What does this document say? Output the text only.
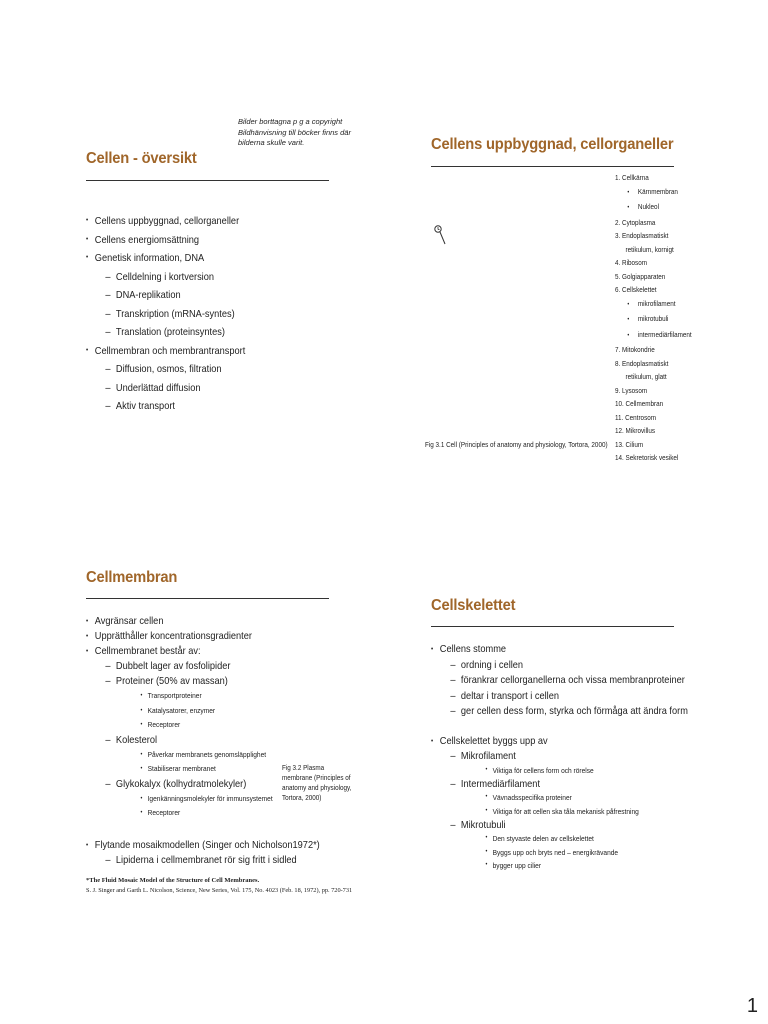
Bilder borttagna p g a copyright Bildhänvisning till böcker finns där bilderna skulle varit.
Cellen - översikt
• Cellens uppbyggnad, cellorganeller
• Cellens energiomsättning
• Genetisk information, DNA
– Celldelning i kortversion
– DNA-replikation
– Transkription (mRNA-syntes)
– Translation (proteinsyntes)
• Cellmembran och membrantransport
– Diffusion, osmos, filtration
– Underlättad diffusion
– Aktiv transport
Cellens uppbyggnad, cellorganeller
Fig 3.1 Cell (Principles of anatomy and physiology, Tortora, 2000)
1. Cellkärna
• Kärnmembran
• Nukleol
2. Cytoplasma
3. Endoplasmatiskt
retikulum, kornigt
4. Ribosom
5. Golgiapparaten
6. Cellskelettet
• mikrofilament
• mikrotubuli
• intermediärfilament
7. Mitokondrie
8. Endoplasmatiskt
retikulum, glatt
9. Lysosom
10. Cellmembran
11. Centrosom
12. Mikrovillus
13. Cilium
14. Sekretorisk vesikel
Cellmembran
• Avgränsar cellen
• Upprätthåller koncentrationsgradienter
• Cellmembranet består av:
– Dubbelt lager av fosfolipider
– Proteiner (50% av massan)
• Transportproteiner
• Katalysatorer, enzymer
• Receptorer
– Kolesterol
• Påverkar membranets genomsläpplighet
• Stabiliserar membranet
– Glykokalyx (kolhydratmolekyler)
• Igenkänningsmolekyler för immunsystemet
• Receptorer
Fig 3.2 Plasma membrane (Principles of anatomy and physiology, Tortora, 2000)
• Flytande mosaikmodellen (Singer och Nicholson1972*)
– Lipiderna i cellmembranet rör sig fritt i sidled
*The Fluid Mosaic Model of the Structure of Cell Membranes.
S. J. Singer and Garth L. Nicolson, Science, New Series, Vol. 175, No. 4023 (Feb. 18, 1972), pp. 720-731
Cellskelettet
• Cellens stomme
– ordning i cellen
– förankrar cellorganellerna och vissa membranproteiner
– deltar i transport i cellen
– ger cellen dess form, styrka och förmåga att ändra form
• Cellskelettet byggs upp av
– Mikrofilament
• Viktiga för cellens form och rörelse
– Intermediärfilament
• Vävnadsspecifika proteiner
• Viktiga för att cellen ska tåla mekanisk påfrestning
– Mikrotubuli
• Den styvaste delen av cellskelettet
• Byggs upp och bryts ned – energikrävande
• bygger upp cilier
1
